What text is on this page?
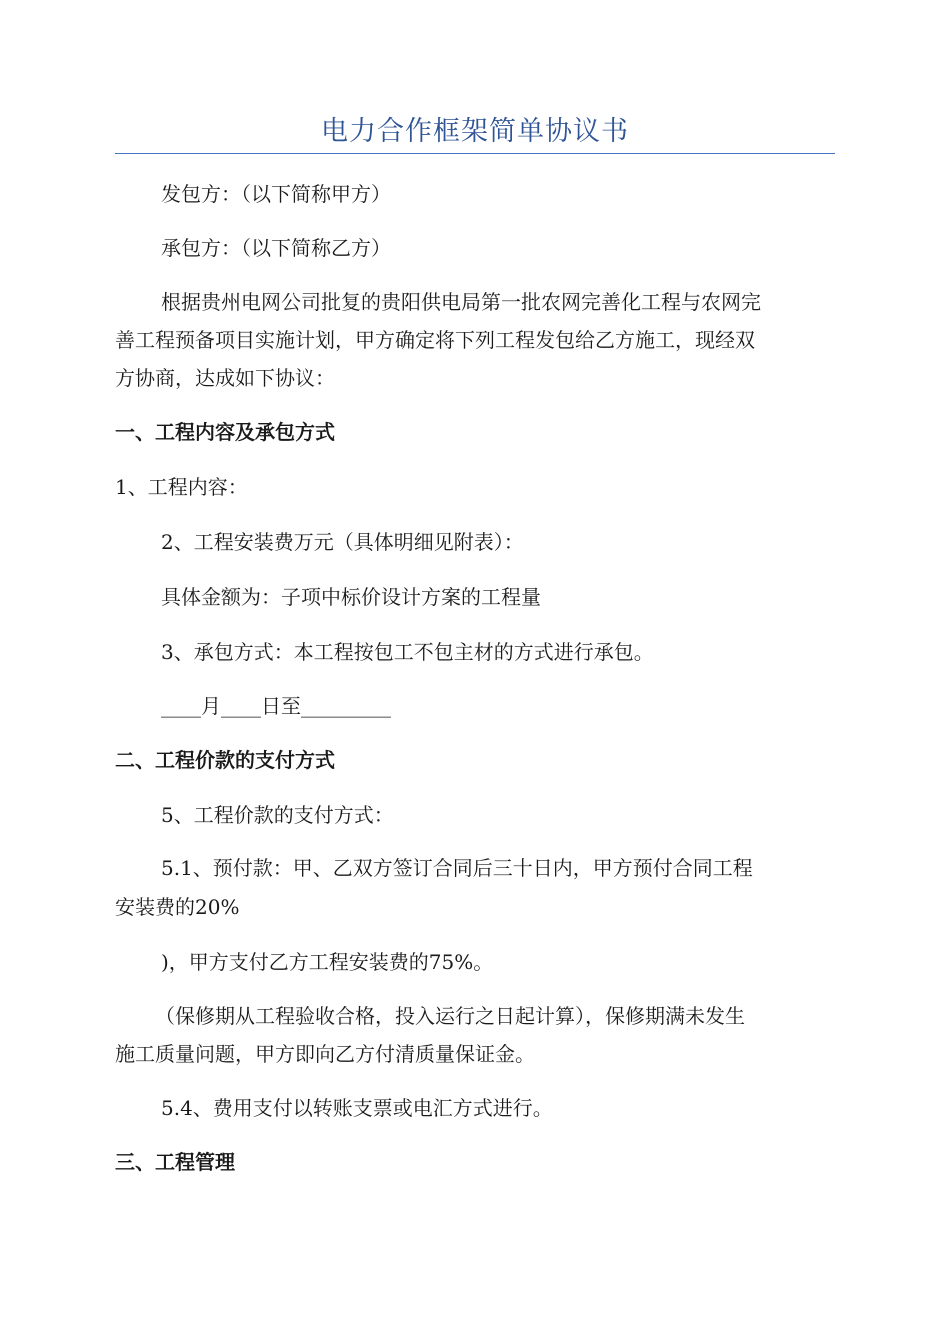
电力合作框架简单协议书

发包方：（以下简称甲方）

承包方：（以下简称乙方）

根据贵州电网公司批复的贵阳供电局第一批农网完善化工程与农网完

善工程预备项目实施计划，甲方确定将下列工程发包给乙方施工，现经双

方协商，达成如下协议：

一、工程内容及承包方式

1、工程内容：

2、工程安装费万元（具体明细见附表）：

具体金额为：子项中标价设计方案的工程量

3、承包方式：本工程按包工不包主材的方式进行承包。

____月____日至_________

二、工程价款的支付方式

5、工程价款的支付方式：

5.1、预付款：甲、乙双方签订合同后三十日内，甲方预付合同工程

安装费的20%

)，甲方支付乙方工程安装费的75%。

（保修期从工程验收合格，投入运行之日起计算），保修期满未发生

施工质量问题，甲方即向乙方付清质量保证金。

5.4、费用支付以转账支票或电汇方式进行。

三、工程管理
